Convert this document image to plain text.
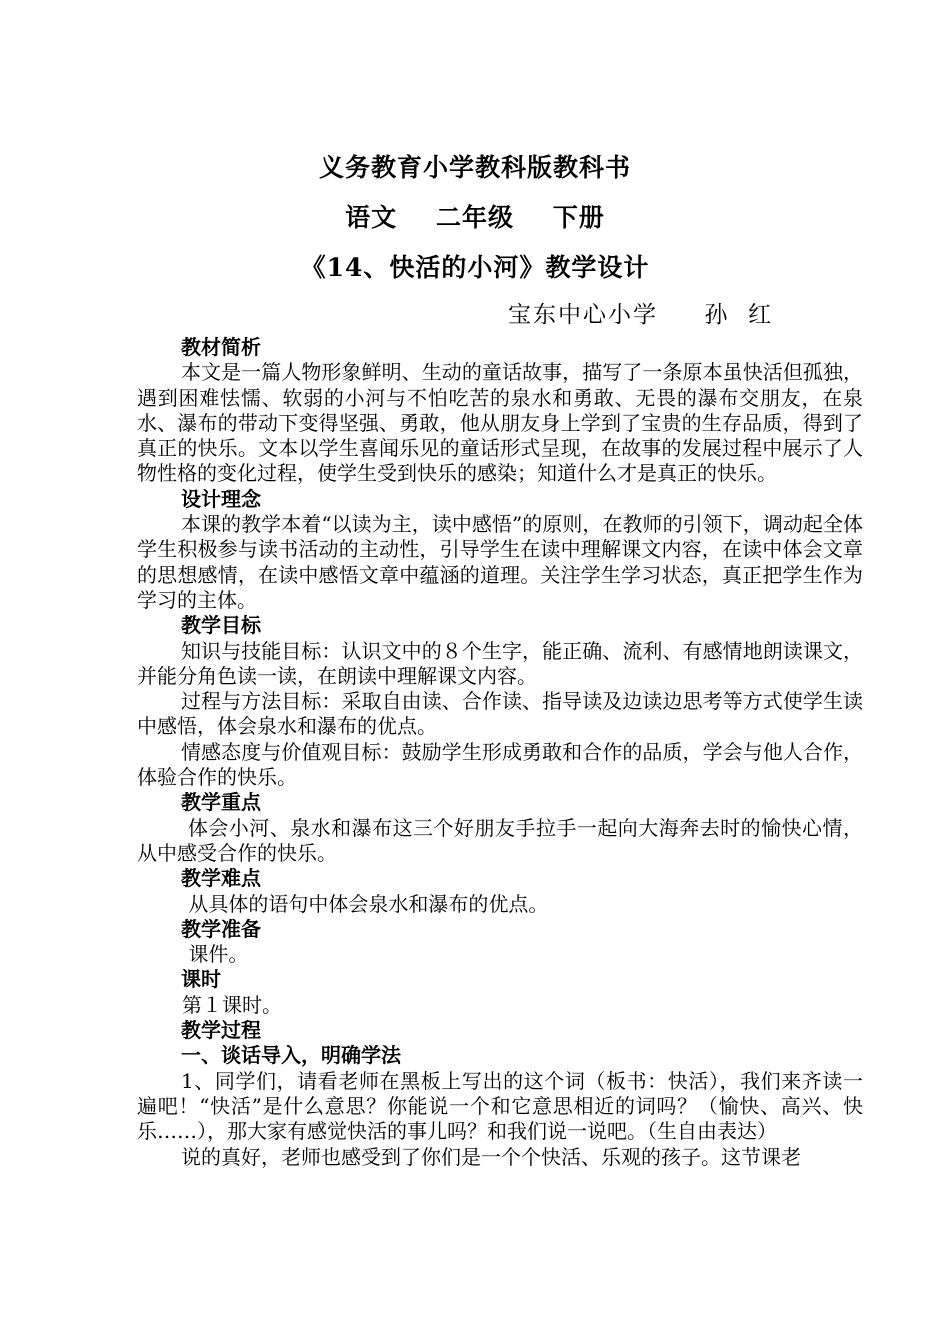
义务教育小学教科版教科书
语文    二年级    下册
《14、快活的小河》教学设计
宝东中心小学     孙  红
教材简析

本文是一篇人物形象鲜明、生动的童话故事，描写了一条原本虽快活但孤独，遇到困难怯懦、软弱的小河与不怕吃苦的泉水和勇敢、无畏的瀑布交朋友，在泉水、瀑布的带动下变得坚强、勇敢，他从朋友身上学到了宝贵的生存品质，得到了真正的快乐。文本以学生喜闻乐见的童话形式呈现，在故事的发展过程中展示了人物性格的变化过程，使学生受到快乐的感染；知道什么才是真正的快乐。

设计理念

本课的教学本着“以读为主，读中感悟”的原则，在教师的引领下，调动起全体学生积极参与读书活动的主动性，引导学生在读中理解课文内容，在读中体会文章的思想感情，在读中感悟文章中蕴涵的道理。关注学生学习状态，真正把学生作为学习的主体。

教学目标

知识与技能目标：认识文中的８个生字，能正确、流利、有感情地朗读课文，并能分角色读一读，在朗读中理解课文内容。

过程与方法目标：采取自由读、合作读、指导读及边读边思考等方式使学生读中感悟，体会泉水和瀑布的优点。

情感态度与价值观目标：鼓励学生形成勇敢和合作的品质，学会与他人合作，体验合作的快乐。

教学重点

体会小河、泉水和瀑布这三个好朋友手拉手一起向大海奔去时的愉快心情，从中感受合作的快乐。

教学难点

从具体的语句中体会泉水和瀑布的优点。

教学准备

课件。

课时

第１课时。

教学过程
一、谈话导入，明确学法

1、同学们，请看老师在黑板上写出的这个词（板书：快活），我们来齐读一遍吧！“快活”是什么意思？你能说一个和它意思相近的词吗？（愉快、高兴、快乐……），那大家有感觉快活的事儿吗？和我们说一说吧。（生自由表达）

说的真好，老师也感受到了你们是一个个快活、乐观的孩子。这节课老
